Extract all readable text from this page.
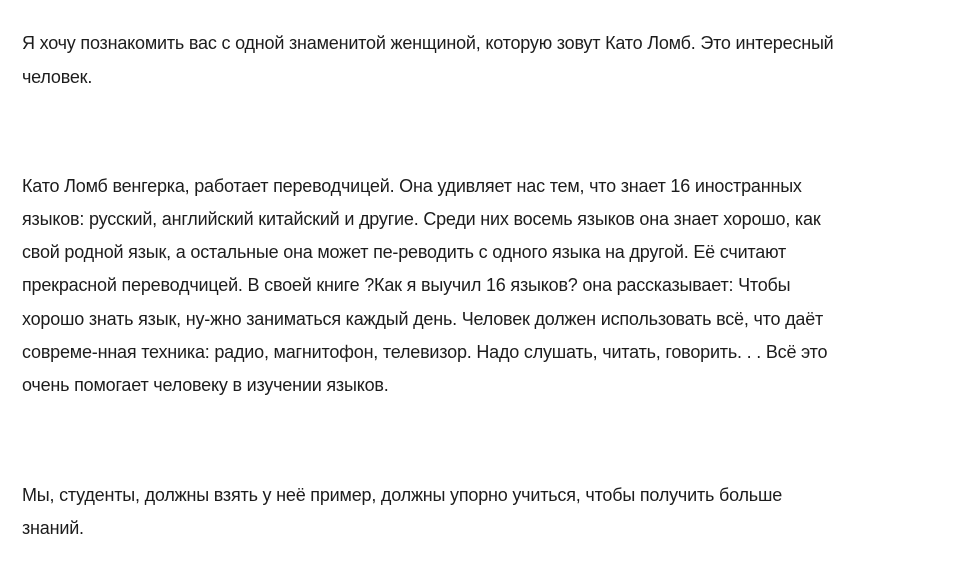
Я хочу познакомить вас с одной знаменитой женщиной, которую зовут Като Ломб. Это интересный
человек.
Като Ломб венгерка, работает переводчицей. Она удивляет нас тем, что знает 16 иностранных
языков: русский, английский китайский и другие. Среди них восемь языков она знает хорошо, как
свой родной язык, а остальные она может пе-реводить с одного языка на другой. Её считают
прекрасной переводчицей. В своей книге ?Как я выучил 16 языков? она рассказывает: Чтобы
хорошо знать язык, ну-жно заниматься каждый день. Человек должен использовать всё, что даёт
совреме-нная техника: радио, магнитофон, телевизор. Надо слушать, читать, говорить. . . Всё это
очень помогает человеку в изучении языков.
Мы, студенты, должны взять у неё пример, должны упорно учиться, чтобы получить больше
знаний.
